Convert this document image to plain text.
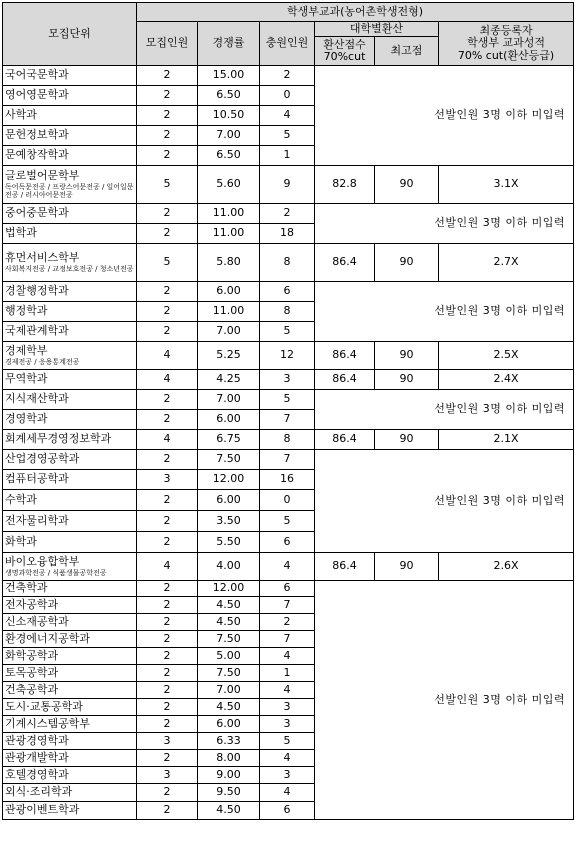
모집단위	학생부교과(농어촌학생전형)					
	모집인원	경쟁률	충원인원	대학별환산		최종등록자
학생부 교과성적
70% cut(환산등급)
				환산점수
70%cut	최고점	
국어국문학과	2	15.00	2	선발인원 3명 이하 미입력		
영어영문학과	2	6.50	0			
사학과	2	10.50	4			
문헌정보학과	2	7.00	5			
문예창작학과	2	6.50	1			
글로벌어문학부
독어독문전공 / 프랑스어문전공 / 일어일문전공 / 러시아어문전공	5	5.60	9	82.8	90	3.1X
중어중문학과	2	11.00	2	선발인원 3명 이하 미입력		
법학과	2	11.00	18			
휴먼서비스학부
사회복지전공 / 교정보호전공 / 청소년전공	5	5.80	8	86.4	90	2.7X
경찰행정학과	2	6.00	6	선발인원 3명 이하 미입력		
행정학과	2	11.00	8			
국제관계학과	2	7.00	5			
경제학부
경제전공 / 응용통계전공	4	5.25	12	86.4	90	2.5X
무역학과	4	4.25	3	86.4	90	2.4X
지식재산학과	2	7.00	5	선발인원 3명 이하 미입력		
경영학과	2	6.00	7			
회계세무경영정보학과	4	6.75	8	86.4	90	2.1X
산업경영공학과	2	7.50	7	선발인원 3명 이하 미입력		
컴퓨터공학과	3	12.00	16			
수학과	2	6.00	0			
전자물리학과	2	3.50	5			
화학과	2	5.50	6			
바이오융합학부
생명과학전공 / 식품생물공학전공	4	4.00	4	86.4	90	2.6X
건축학과	2	12.00	6	선발인원 3명 이하 미입력		
전자공학과	2	4.50	7			
신소재공학과	2	4.50	2			
환경에너지공학과	2	7.50	7			
화학공학과	2	5.00	4			
토목공학과	2	7.50	1			
건축공학과	2	7.00	4			
도시·교통공학과	2	4.50	3			
기계시스템공학부	2	6.00	3			
관광경영학과	3	6.33	5			
관광개발학과	2	8.00	4			
호텔경영학과	3	9.00	3			
외식·조리학과	2	9.50	4			
관광이벤트학과	2	4.50	6			
